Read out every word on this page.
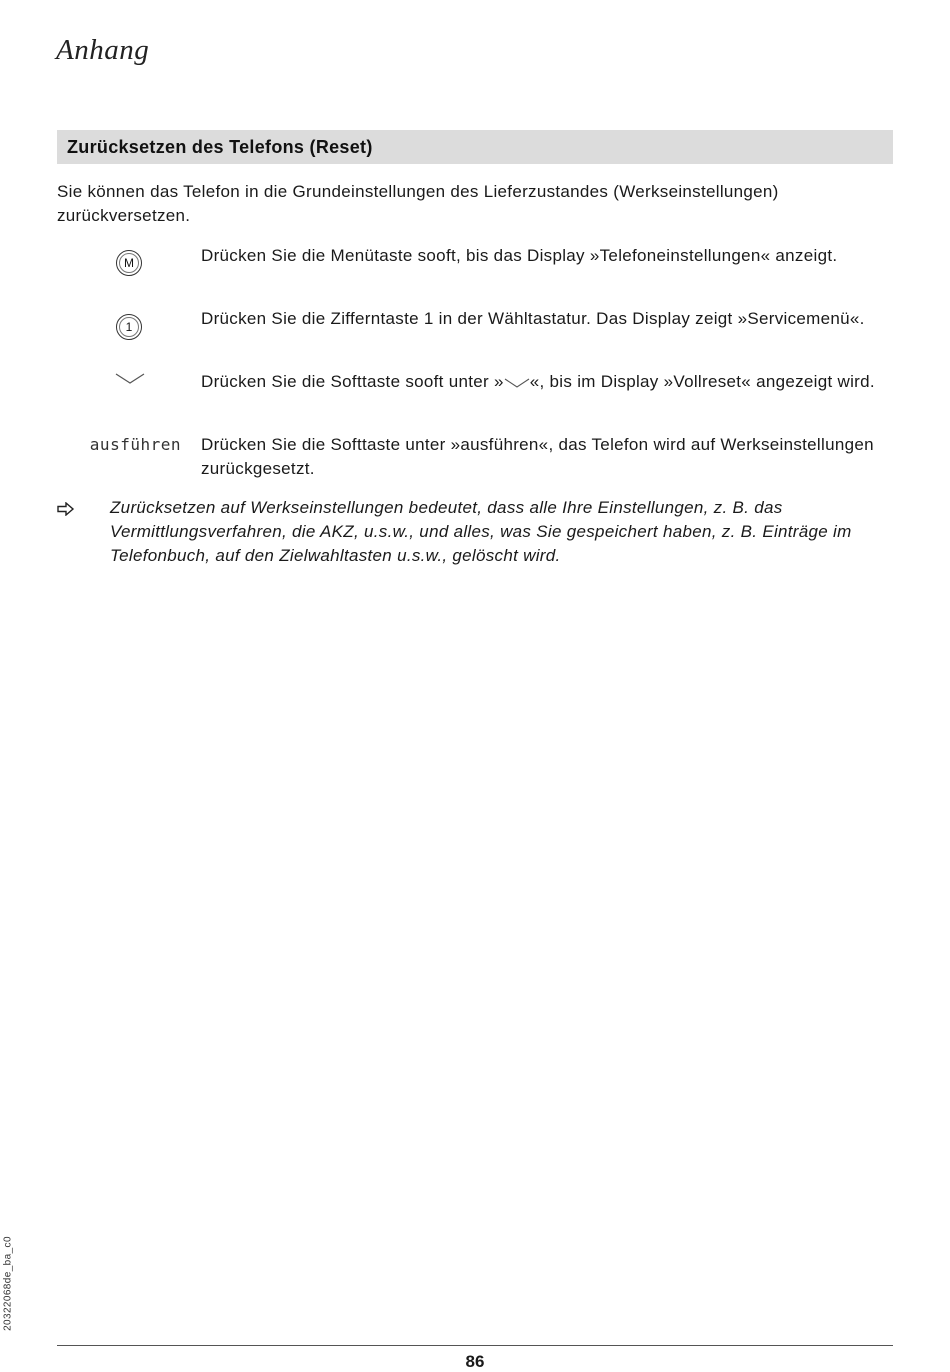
Anhang
Zurücksetzen des Telefons (Reset)
Sie können das Telefon in die Grundeinstellungen des Lieferzustandes (Werkseinstellungen) zurückversetzen.
M	Drücken Sie die Menütaste sooft, bis das Display »Telefoneinstellungen« anzeigt.
1	Drücken Sie die Zifferntaste 1 in der Wähltastatur. Das Display zeigt »Servicemenü«.
Drücken Sie die Softtaste sooft unter » «, bis im Display »Vollreset« angezeigt wird.
ausführen Drücken Sie die Softtaste unter »ausführen«, das Telefon wird auf Werkseinstellungen zurückgesetzt.
Zurücksetzen auf Werkseinstellungen bedeutet, dass alle Ihre Einstellungen, z. B. das Vermittlungsverfahren, die AKZ, u.s.w., und alles, was Sie gespeichert haben, z. B. Einträge im Telefonbuch, auf den Zielwahltasten u.s.w., gelöscht wird.
20322068de_ba_c0
86
